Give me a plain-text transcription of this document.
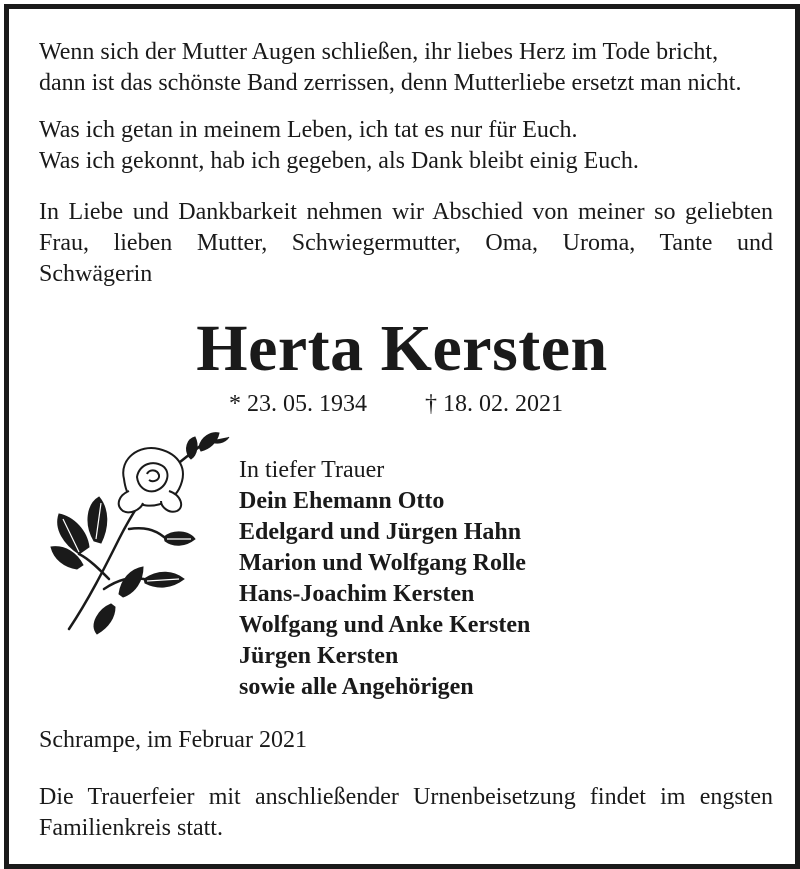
Wenn sich der Mutter Augen schließen, ihr liebes Herz im Tode bricht,
dann ist das schönste Band zerrissen, denn Mutterliebe ersetzt man nicht.
Was ich getan in meinem Leben, ich tat es nur für Euch.
Was ich gekonnt, hab ich gegeben, als Dank bleibt einig Euch.
In Liebe und Dankbarkeit nehmen wir Abschied von meiner so geliebten
Frau, lieben Mutter, Schwiegermutter, Oma, Uroma, Tante und
Schwägerin
Herta Kersten
* 23. 05. 1934 † 18. 02. 2021
In tiefer Trauer
Dein Ehemann Otto
Edelgard und Jürgen Hahn
Marion und Wolfgang Rolle
Hans-Joachim Kersten
Wolfgang und Anke Kersten
Jürgen Kersten
sowie alle Angehörigen
Schrampe, im Februar 2021
Die Trauerfeier mit anschließender Urnenbeisetzung findet im engsten
Familienkreis statt.
